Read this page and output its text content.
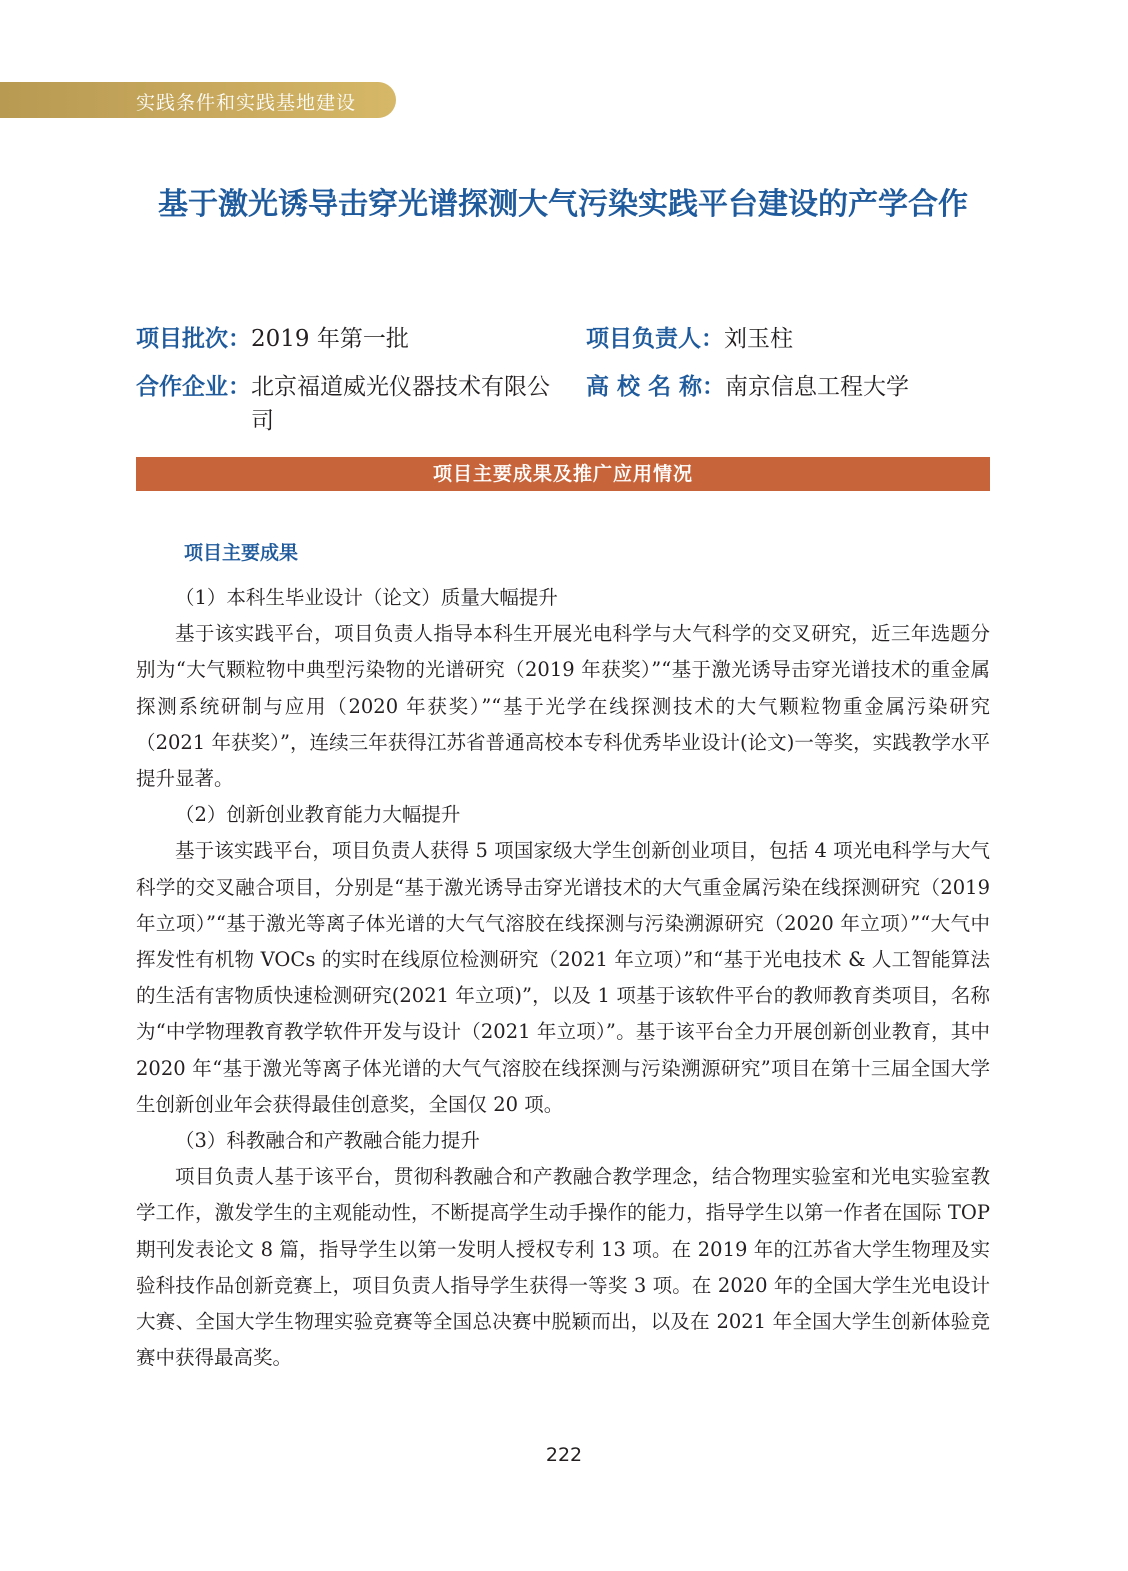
实践条件和实践基地建设
基于激光诱导击穿光谱探测大气污染实践平台建设的产学合作
项目批次：2019 年第一批	项目负责人：刘玉柱
合作企业： 北京福道威光仪器技术有限公司
高 校 名 称：南京信息工程大学
项目主要成果及推广应用情况
项目主要成果

（1）本科生毕业设计（论文）质量大幅提升

基于该实践平台，项目负责人指导本科生开展光电科学与大气科学的交叉研究，近三年选题分别为“大气颗粒物中典型污染物的光谱研究（2019 年获奖）”“基于激光诱导击穿光谱技术的重金属探测系统研制与应用（2020 年获奖）”“基于光学在线探测技术的大气颗粒物重金属污染研究（2021 年获奖）”，连续三年获得江苏省普通高校本专科优秀毕业设计(论文)一等奖，实践教学水平提升显著。

（2）创新创业教育能力大幅提升

基于该实践平台，项目负责人获得 5 项国家级大学生创新创业项目，包括 4 项光电科学与大气科学的交叉融合项目，分别是“基于激光诱导击穿光谱技术的大气重金属污染在线探测研究（2019 年立项）”“基于激光等离子体光谱的大气气溶胶在线探测与污染溯源研究（2020 年立项）”“大气中挥发性有机物 VOCs 的实时在线原位检测研究（2021 年立项）”和“基于光电技术 & 人工智能算法的生活有害物质快速检测研究(2021 年立项)”，以及 1 项基于该软件平台的教师教育类项目，名称为“中学物理教育教学软件开发与设计（2021 年立项）”。基于该平台全力开展创新创业教育，其中 2020 年“基于激光等离子体光谱的大气气溶胶在线探测与污染溯源研究”项目在第十三届全国大学生创新创业年会获得最佳创意奖，全国仅 20 项。

（3）科教融合和产教融合能力提升

项目负责人基于该平台，贯彻科教融合和产教融合教学理念，结合物理实验室和光电实验室教学工作，激发学生的主观能动性，不断提高学生动手操作的能力，指导学生以第一作者在国际 TOP 期刊发表论文 8 篇，指导学生以第一发明人授权专利 13 项。在 2019 年的江苏省大学生物理及实验科技作品创新竞赛上，项目负责人指导学生获得一等奖 3 项。在 2020 年的全国大学生光电设计大赛、全国大学生物理实验竞赛等全国总决赛中脱颖而出，以及在 2021 年全国大学生创新体验竞赛中获得最高奖。

222
